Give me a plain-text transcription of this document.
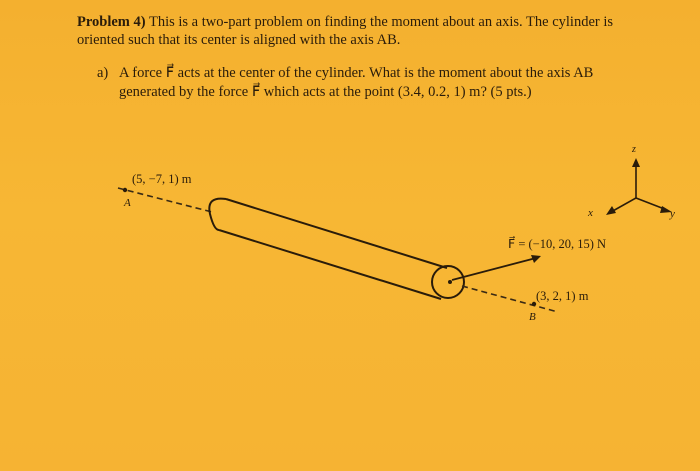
Problem 4) This is a two-part problem on finding the moment about an axis. The cylinder is
oriented such that its center is aligned with the axis AB.
a) A force F⃗ acts at the center of the cylinder. What is the moment about the axis AB
generated by the force F⃗ which acts at the point (3.4, 0.2, 1) m? (5 pts.)
(5, −7, 1) m
A
F⃗ = (−10, 20, 15) N
(3, 2, 1) m
B
z
x	y
